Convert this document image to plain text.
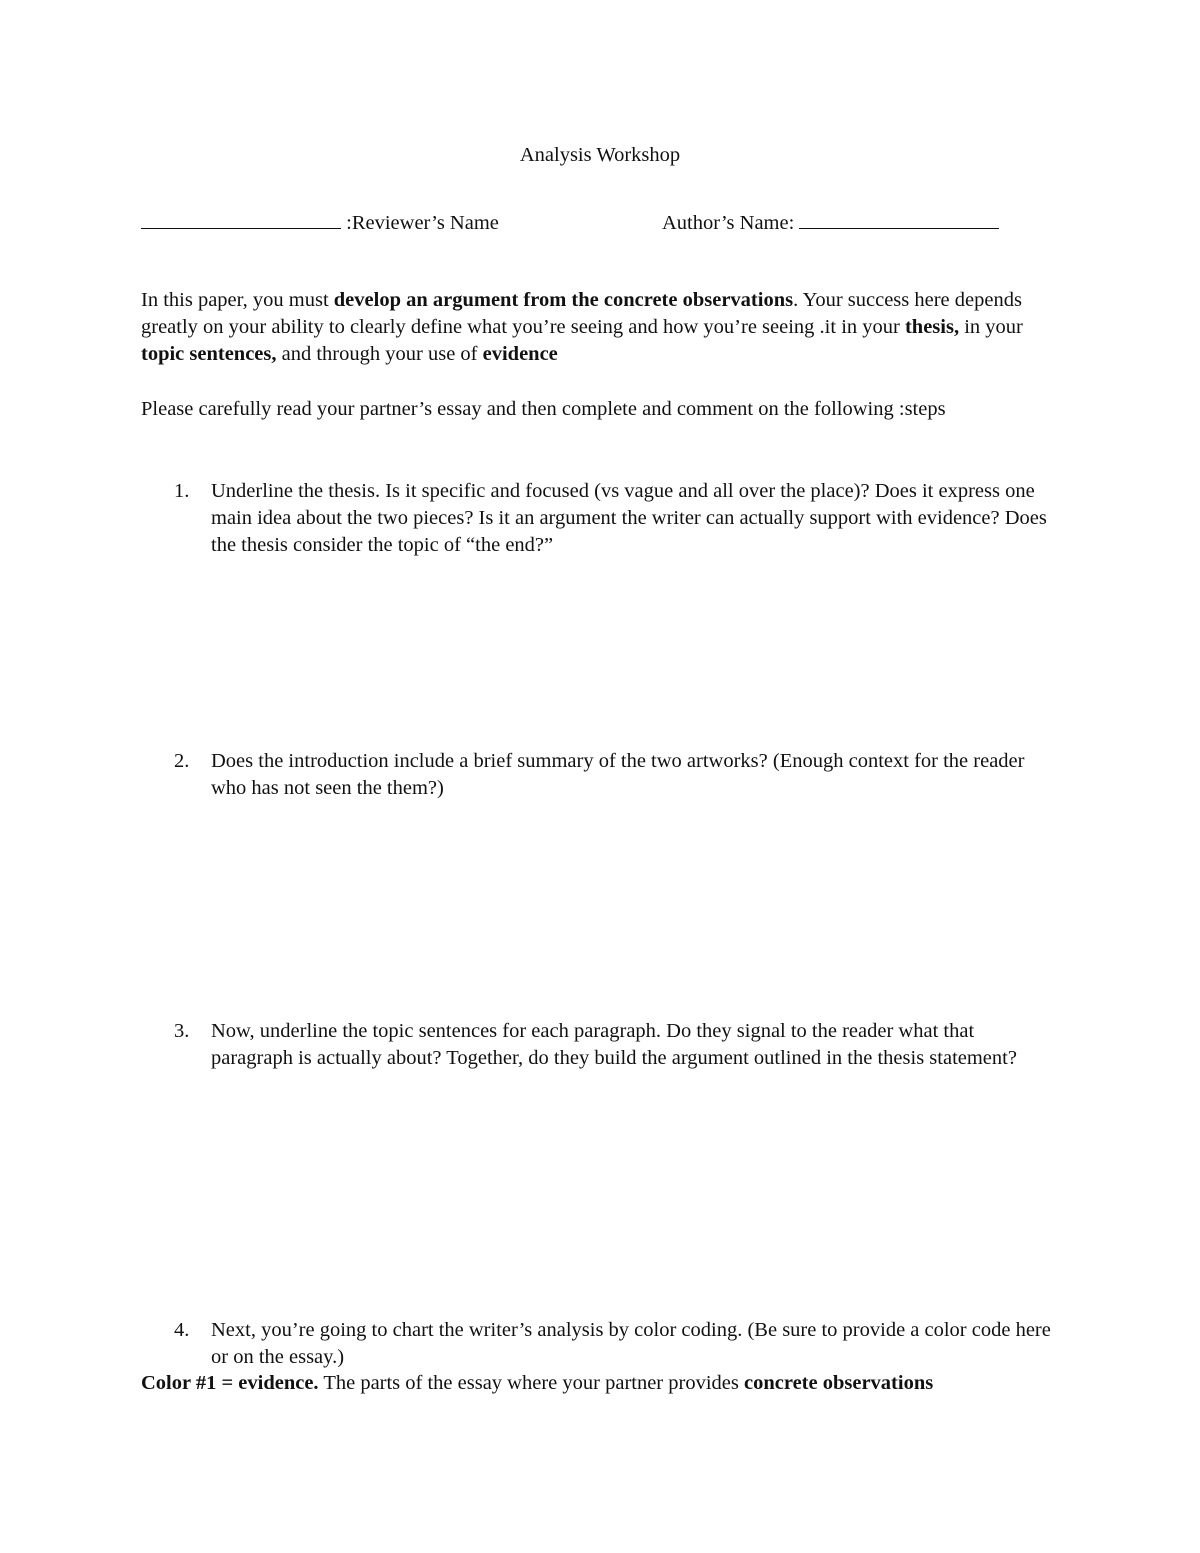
Analysis Workshop
:Reviewer’s Name	Author’s Name:
In this paper, you must develop an argument from the concrete observations. Your success here depends greatly on your ability to clearly define what you’re seeing and how you’re seeing .it in your thesis, in your topic sentences, and through your use of evidence
Please carefully read your partner’s essay and then complete and comment on the following :steps
1. Underline the thesis. Is it specific and focused (vs vague and all over the place)? Does it express one main idea about the two pieces? Is it an argument the writer can actually support with evidence? Does the thesis consider the topic of “the end?”
2. Does the introduction include a brief summary of the two artworks? (Enough context for the reader who has not seen the them?)
3. Now, underline the topic sentences for each paragraph. Do they signal to the reader what that paragraph is actually about? Together, do they build the argument outlined in the thesis statement?
4. Next, you’re going to chart the writer’s analysis by color coding. (Be sure to provide a color code here or on the essay.)
Color #1 = evidence. The parts of the essay where your partner provides concrete observations
